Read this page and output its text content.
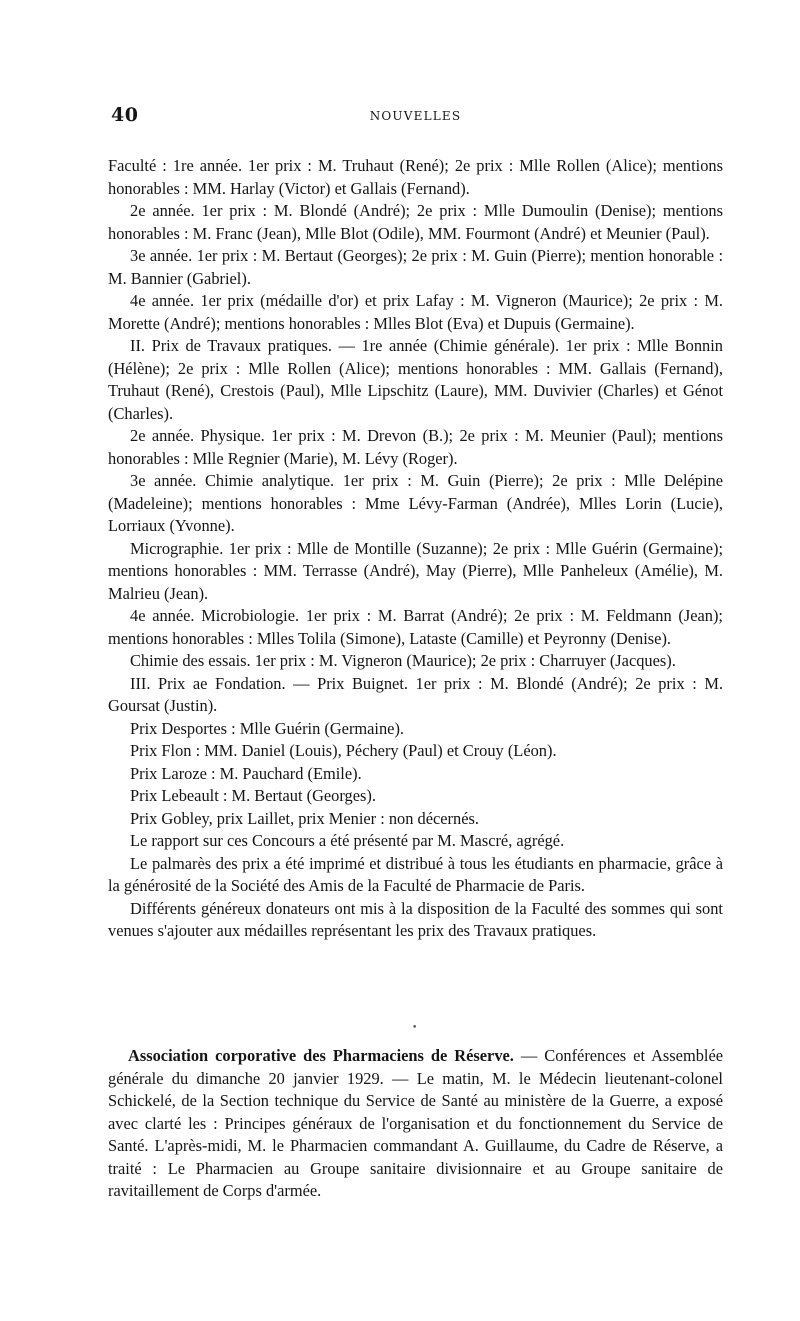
40	NOUVELLES

Faculté : 1re année. 1er prix : M. Truhaut (René); 2e prix : Mlle Rollen (Alice); mentions honorables : MM. Harlay (Victor) et Gallais (Fernand).

2e année. 1er prix : M. Blondé (André); 2e prix : Mlle Dumoulin (Denise); mentions honorables : M. Franc (Jean), Mlle Blot (Odile), MM. Fourmont (André) et Meunier (Paul).

3e année. 1er prix : M. Bertaut (Georges); 2e prix : M. Guin (Pierre); mention honorable : M. Bannier (Gabriel).

4e année. 1er prix (médaille d'or) et prix Lafay : M. Vigneron (Maurice); 2e prix : M. Morette (André); mentions honorables : Mlles Blot (Eva) et Dupuis (Germaine).

II. Prix de Travaux pratiques. — 1re année (Chimie générale). 1er prix : Mlle Bonnin (Hélène); 2e prix : Mlle Rollen (Alice); mentions honorables : MM. Gallais (Fernand), Truhaut (René), Crestois (Paul), Mlle Lipschitz (Laure), MM. Duvivier (Charles) et Génot (Charles).

2e année. Physique. 1er prix : M. Drevon (B.); 2e prix : M. Meunier (Paul); mentions honorables : Mlle Regnier (Marie), M. Lévy (Roger).

3e année. Chimie analytique. 1er prix : M. Guin (Pierre); 2e prix : Mlle Delépine (Madeleine); mentions honorables : Mme Lévy-Farman (Andrée), Mlles Lorin (Lucie), Lorriaux (Yvonne).

Micrographie. 1er prix : Mlle de Montille (Suzanne); 2e prix : Mlle Guérin (Germaine); mentions honorables : MM. Terrasse (André), May (Pierre), Mlle Panheleux (Amélie), M. Malrieu (Jean).

4e année. Microbiologie. 1er prix : M. Barrat (André); 2e prix : M. Feldmann (Jean); mentions honorables : Mlles Tolila (Simone), Lataste (Camille) et Peyronny (Denise).

Chimie des essais. 1er prix : M. Vigneron (Maurice); 2e prix : Charruyer (Jacques).

III. Prix ae Fondation. — Prix Buignet. 1er prix : M. Blondé (André); 2e prix : M. Goursat (Justin).

Prix Desportes : Mlle Guérin (Germaine).

Prix Flon : MM. Daniel (Louis), Péchery (Paul) et Crouy (Léon).

Prix Laroze : M. Pauchard (Emile).

Prix Lebeault : M. Bertaut (Georges).

Prix Gobley, prix Laillet, prix Menier : non décernés.

Le rapport sur ces Concours a été présenté par M. Mascré, agrégé.

Le palmarès des prix a été imprimé et distribué à tous les étudiants en pharmacie, grâce à la générosité de la Société des Amis de la Faculté de Pharmacie de Paris.

Différents généreux donateurs ont mis à la disposition de la Faculté des sommes qui sont venues s'ajouter aux médailles représentant les prix des Travaux pratiques.

•

Association corporative des Pharmaciens de Réserve. — Conférences et Assemblée générale du dimanche 20 janvier 1929. — Le matin, M. le Médecin lieutenant-colonel Schickelé, de la Section technique du Service de Santé au ministère de la Guerre, a exposé avec clarté les : Principes généraux de l'organisation et du fonctionnement du Service de Santé. L'après-midi, M. le Pharmacien commandant A. Guillaume, du Cadre de Réserve, a traité : Le Pharmacien au Groupe sanitaire divisionnaire et au Groupe sanitaire de ravitaillement de Corps d'armée.
